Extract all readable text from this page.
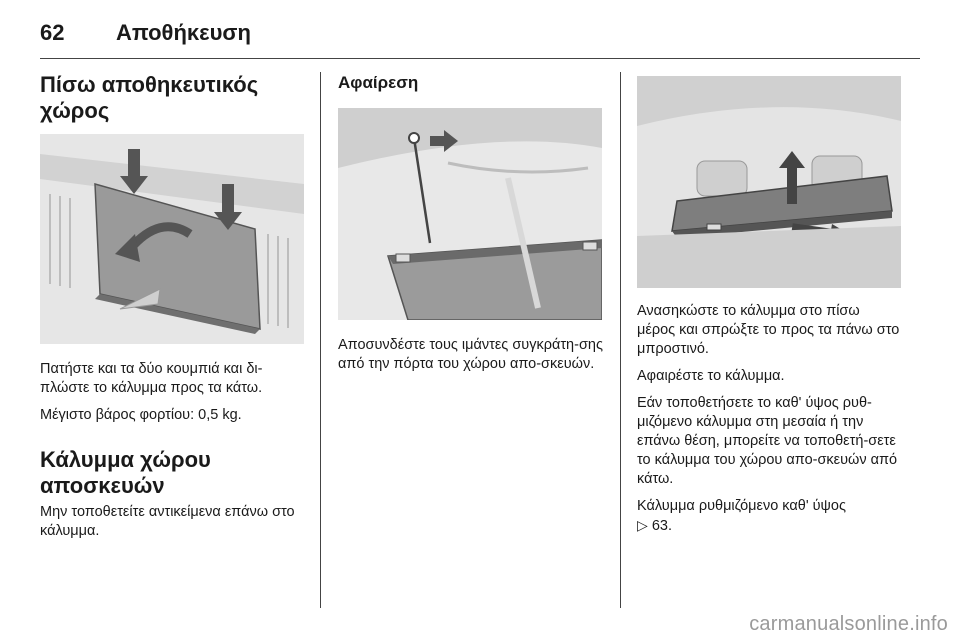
62 Αποθήκευση
Πίσω αποθηκευτικός χώρος

Πατήστε και τα δύο κουμπιά και δι-πλώστε το κάλυμμα προς τα κάτω.

Μέγιστο βάρος φορτίου: 0,5 kg.

Κάλυμμα χώρου αποσκευών

Μην τοποθετείτε αντικείμενα επάνω στο κάλυμμα.

Αφαίρεση

Αποσυνδέστε τους ιμάντες συγκράτη-σης από την πόρτα του χώρου απο-σκευών.

Ανασηκώστε το κάλυμμα στο πίσω μέρος και σπρώξτε το προς τα πάνω στο μπροστινό.

Αφαιρέστε το κάλυμμα.

Εάν τοποθετήσετε το καθ' ύψος ρυθ-μιζόμενο κάλυμμα στη μεσαία ή την επάνω θέση, μπορείτε να τοποθετή-σετε το κάλυμμα του χώρου απο-σκευών από κάτω.

Κάλυμμα ρυθμιζόμενο καθ' ύψος
▷ 63.

carmanualsonline.info
